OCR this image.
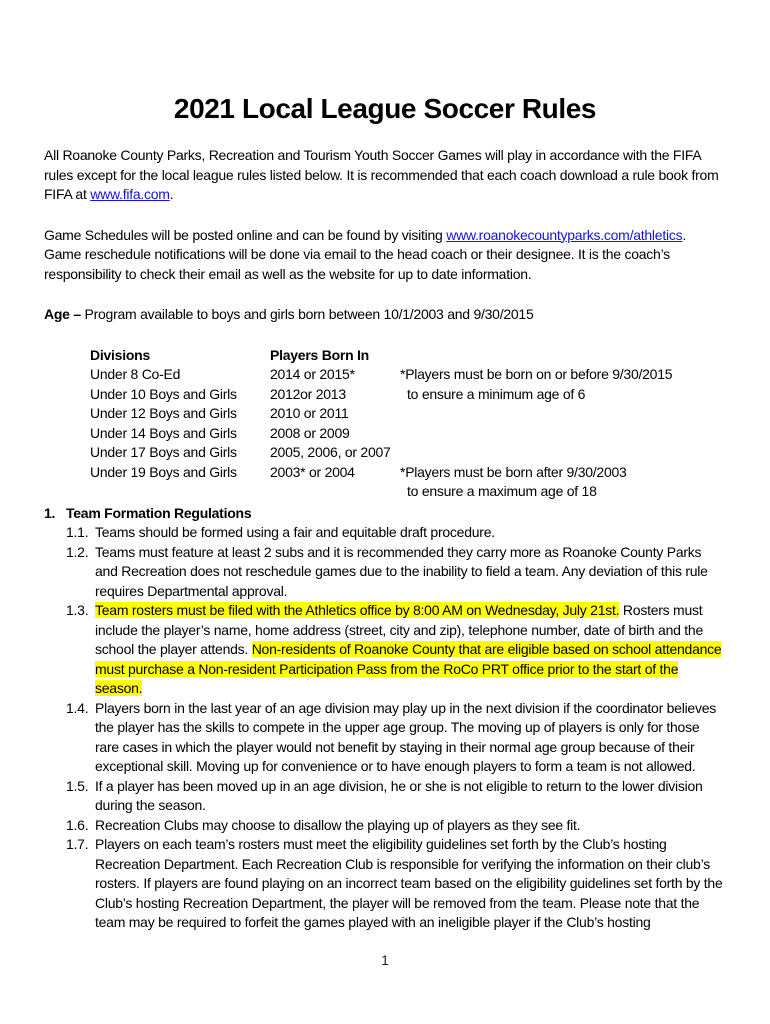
2021 Local League Soccer Rules

All Roanoke County Parks, Recreation and Tourism Youth Soccer Games will play in accordance with the FIFA rules except for the local league rules listed below. It is recommended that each coach download a rule book from FIFA at www.fifa.com.

Game Schedules will be posted online and can be found by visiting www.roanokecountyparks.com/athletics. Game reschedule notifications will be done via email to the head coach or their designee. It is the coach’s responsibility to check their email as well as the website for up to date information.

Age – Program available to boys and girls born between 10/1/2003 and 9/30/2015

Divisions	Players Born In
Under 8 Co-Ed	2014 or 2015*	*Players must be born on or before 9/30/2015
Under 10 Boys and Girls	2012or 2013	to ensure a minimum age of 6
Under 12 Boys and Girls	2010 or 2011
Under 14 Boys and Girls	2008 or 2009
Under 17 Boys and Girls	2005, 2006, or 2007
Under 19 Boys and Girls	2003* or 2004	*Players must be born after 9/30/2003
to ensure a maximum age of 18
1. Team Formation Regulations
1.1. Teams should be formed using a fair and equitable draft procedure.
1.2. Teams must feature at least 2 subs and it is recommended they carry more as Roanoke County Parks and Recreation does not reschedule games due to the inability to field a team. Any deviation of this rule requires Departmental approval.
1.3. Team rosters must be filed with the Athletics office by 8:00 AM on Wednesday, July 21st. Rosters must include the player’s name, home address (street, city and zip), telephone number, date of birth and the school the player attends. Non-residents of Roanoke County that are eligible based on school attendance must purchase a Non-resident Participation Pass from the RoCo PRT office prior to the start of the season.
1.4. Players born in the last year of an age division may play up in the next division if the coordinator believes the player has the skills to compete in the upper age group. The moving up of players is only for those rare cases in which the player would not benefit by staying in their normal age group because of their exceptional skill. Moving up for convenience or to have enough players to form a team is not allowed.
1.5. If a player has been moved up in an age division, he or she is not eligible to return to the lower division during the season.
1.6. Recreation Clubs may choose to disallow the playing up of players as they see fit.
1.7. Players on each team’s rosters must meet the eligibility guidelines set forth by the Club’s hosting Recreation Department. Each Recreation Club is responsible for verifying the information on their club’s rosters. If players are found playing on an incorrect team based on the eligibility guidelines set forth by the Club’s hosting Recreation Department, the player will be removed from the team. Please note that the team may be required to forfeit the games played with an ineligible player if the Club’s hosting
1
